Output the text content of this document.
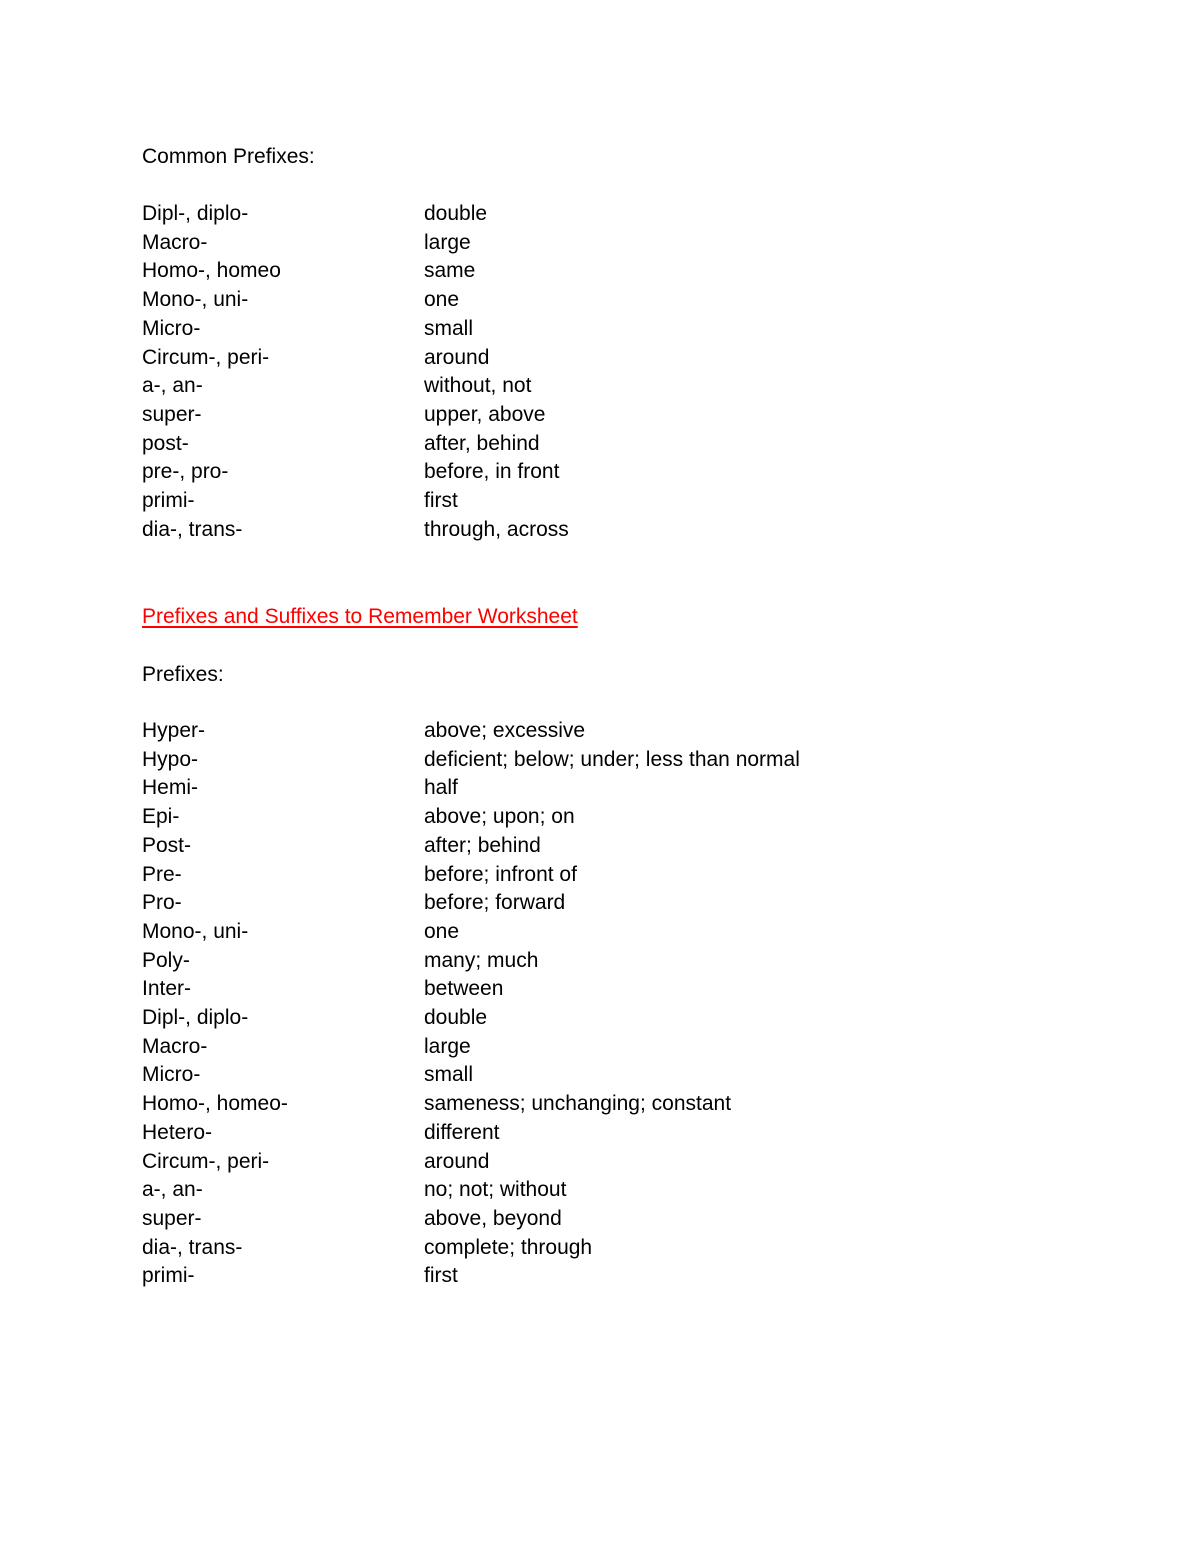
Common Prefixes:
Dipl-, diplo-	double
Macro-	large
Homo-, homeo	same
Mono-, uni-	one
Micro-	small
Circum-, peri-	around
a-, an-	without, not
super-	upper, above
post-	after, behind
pre-, pro-	before, in front
primi-	first
dia-, trans-	through, across
Prefixes and Suffixes to Remember Worksheet
Prefixes:
Hyper-	above; excessive
Hypo-	deficient; below; under; less than normal
Hemi-	half
Epi-	above; upon; on
Post-	after; behind
Pre-	before; infront of
Pro-	before; forward
Mono-, uni-	one
Poly-	many; much
Inter-	between
Dipl-, diplo-	double
Macro-	large
Micro-	small
Homo-, homeo-	sameness; unchanging; constant
Hetero-	different
Circum-, peri-	around
a-, an-	no; not; without
super-	above, beyond
dia-, trans-	complete; through
primi-	first
